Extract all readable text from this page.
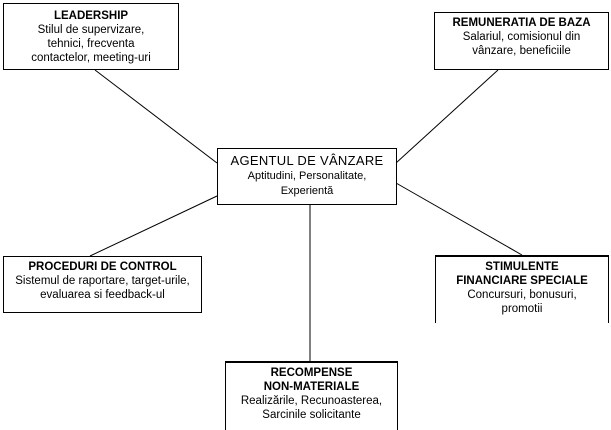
LEADERSHIP
Stilul de supervizare, tehnici, frecventa contactelor, meeting-uri
REMUNERATIA DE BAZA
Salariul, comisionul din vânzare, beneficiile
AGENTUL DE VÂNZARE
Aptitudini, Personalitate, Experientă
PROCEDURI DE CONTROL
Sistemul de raportare, target-urile, evaluarea si feedback-ul
STIMULENTE FINANCIARE SPECIALE
Concursuri, bonusuri, promotii
RECOMPENSE NON-MATERIALE
Realizările, Recunoasterea, Sarcinile solicitante
